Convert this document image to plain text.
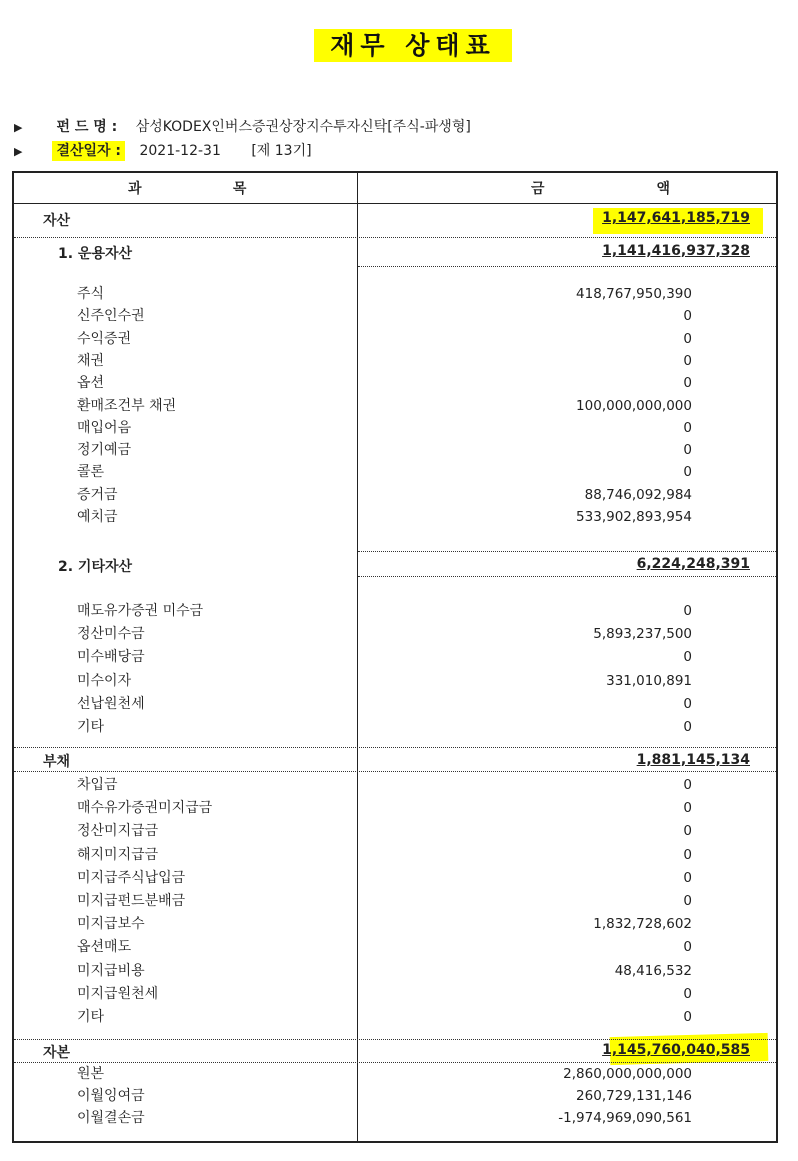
재무 상태표
▶ 펀 드 명 : 삼성KODEX인버스증권상장지수투자신탁[주식-파생형]
▶ 결산일자 : 2021-12-31 [제 13기]
과             목	금                액
자산	1,147,641,185,719
1. 운용자산	1,141,416,937,328
주식	418,767,950,390
신주인수권	0
수익증권	0
채권	0
옵션	0
환매조건부 채권	100,000,000,000
매입어음	0
정기예금	0
콜론	0
증거금	88,746,092,984
예치금	533,902,893,954
2. 기타자산	6,224,248,391
매도유가증권 미수금	0
정산미수금	5,893,237,500
미수배당금	0
미수이자	331,010,891
선납원천세	0
기타	0
부채	1,881,145,134
차입금	0
매수유가증권미지급금	0
정산미지급금	0
해지미지급금	0
미지급주식납입금	0
미지급펀드분배금	0
미지급보수	1,832,728,602
옵션매도	0
미지급비용	48,416,532
미지급원천세	0
기타	0
자본	1,145,760,040,585
원본	2,860,000,000,000
이월잉여금	260,729,131,146
이월결손금	-1,974,969,090,561
